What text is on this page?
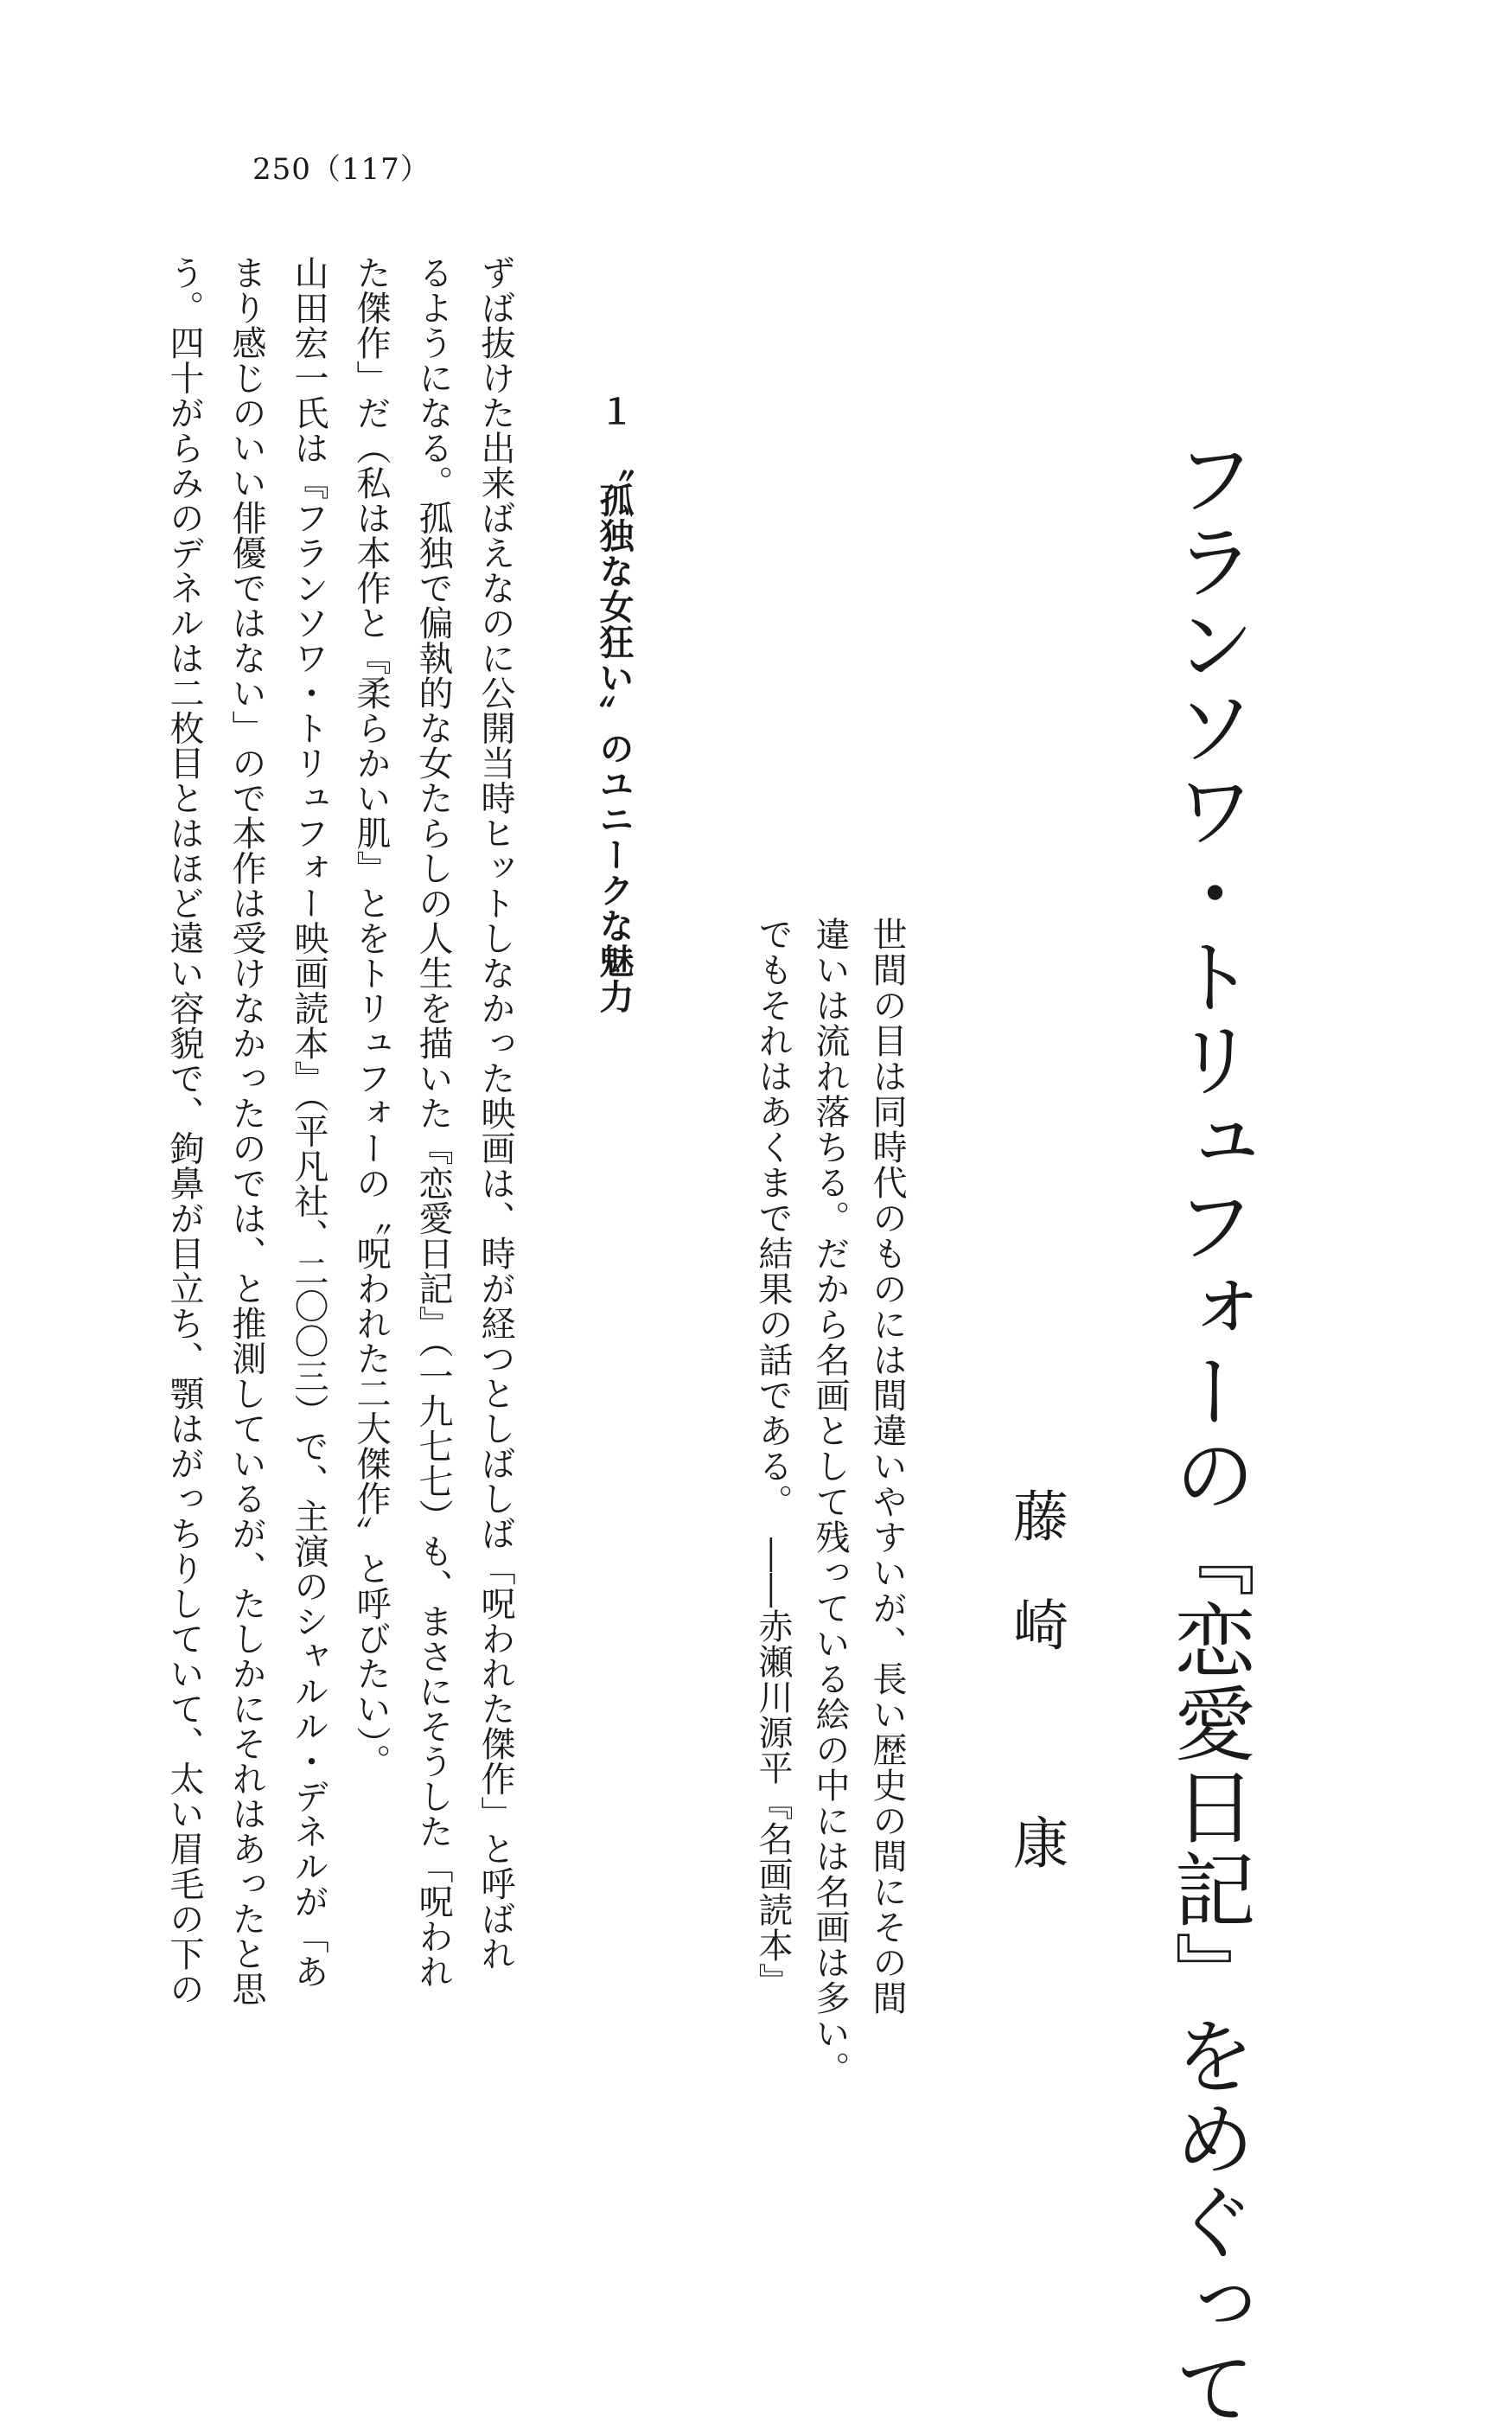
250（117）
フランソワ・トリュフォーの『恋愛日記』をめぐって
藤崎　康
世間の目は同時代のものには間違いやすいが、長い歴史の間にその間
違いは流れ落ちる。だから名画として残っている絵の中には名画は多い。
でもそれはあくまで結果の話である。　――赤瀬川源平『名画読本』
１　〝孤独な女狂い〟のユニークな魅力
ずば抜けた出来ばえなのに公開当時ヒットしなかった映画は、時が経つとしばしば「呪われた傑作」と呼ばれ
るようになる。孤独で偏執的な女たらしの人生を描いた『恋愛日記』（一九七七）も、まさにそうした「呪われ
た傑作」だ（私は本作と『柔らかい肌』とをトリュフォーの〝呪われた二大傑作〟と呼びたい）。
山田宏一氏は『フランソワ・トリュフォー映画読本』（平凡社、二〇〇三）で、主演のシャルル・デネルが「あ
まり感じのいい俳優ではない」ので本作は受けなかったのでは、と推測しているが、たしかにそれはあったと思
う。四十がらみのデネルは二枚目とはほど遠い容貌で、鉤鼻が目立ち、顎はがっちりしていて、太い眉毛の下の
